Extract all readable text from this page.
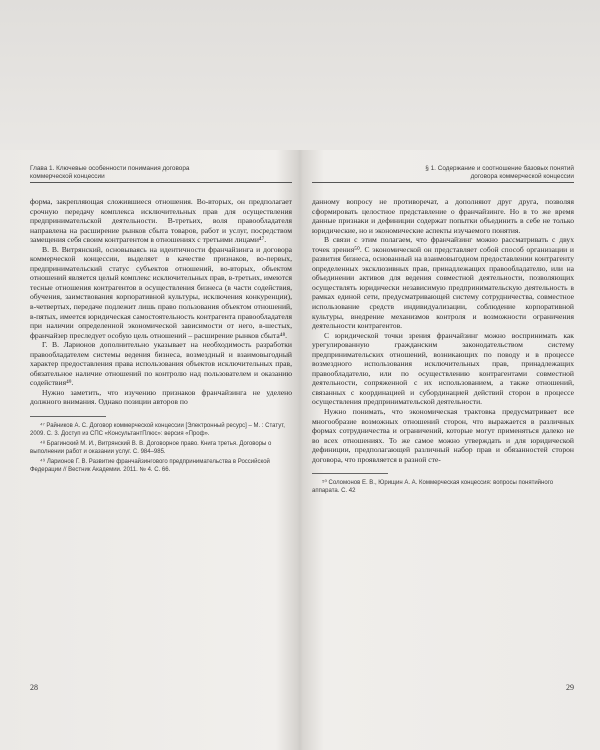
Глава 1. Ключевые особенности понимания договора
коммерческой концессии

форма, закрепляющая сложившиеся отношения. Во-вторых, он предполагает срочную передачу комплекса исключительных прав для осуществления предпринимательской деятельности. В-третьих, воля правообладателя направлена на расширение рынков сбыта товаров, работ и услуг, посредством замещения себя своим контрагентом в отношениях с третьими лицами⁴⁷.

В. В. Витрянский, основываясь на идентичности франчайзинга и договора коммерческой концессии, выделяет в качестве признаков, во-первых, предпринимательский статус субъектов отношений, во-вторых, объектом отношений является целый комплекс исключительных прав, в-третьих, имеются тесные отношения контрагентов в осуществления бизнеса (в части содействия, обучения, заимствования корпоративной культуры, исключения конкуренции), в-четвертых, передаче подлежит лишь право пользования объектом отношений, в-пятых, имеется юридическая самостоятельность контрагента правообладателя при наличии определенной экономической зависимости от него, в-шестых, франчайзер преследует особую цель отношений – расширение рынков сбыта⁴⁸.

Г. В. Ларионов дополнительно указывает на необходимость разработки правообладателем системы ведения бизнеса, возмездный и взаимовыгодный характер предоставления права использования объектов исключительных прав, обязательное наличие отношений по контролю над пользователем и оказанию содействия⁴⁹.

Нужно заметить, что изучению признаков франчайзинга не уделено должного внимания. Однако позиции авторов по

⁴⁷ Райников А. С. Договор коммерческой концессии [Электронный ресурс] – М. : Статут, 2009. С. 3. Доступ из СПС «КонсультантПлюс»: версия «Проф».

⁴⁸ Брагинский М. И., Витрянский В. В. Договорное право. Книга третья. Договоры о выполнении работ и оказании услуг. С. 984–985.

⁴⁹ Ларионов Г. В. Развитие франчайзингового предпринимательства в Российской Федерации // Вестник Академии. 2011. № 4. С. 66.

28
§ 1. Содержание и соотношение базовых понятий
договора коммерческой концессии

данному вопросу не противоречат, а дополняют друг друга, позволяя сформировать целостное представление о франчайзинге. Но в то же время данные признаки и дефиниции содержат попытки объединить в себе не только юридические, но и экономические аспекты изучаемого понятия.

В связи с этим полагаем, что франчайзинг можно рассматривать с двух точек зрения⁵⁰. С экономической он представляет собой способ организации и развития бизнеса, основанный на взаимовыгодном предоставлении контрагенту определенных эксклюзивных прав, принадлежащих правообладателю, или на объединении активов для ведения совместной деятельности, позволяющих осуществлять юридически независимую предпринимательскую деятельность в рамках единой сети, предусматривающей систему сотрудничества, совместное использование средств индивидуализации, соблюдение корпоративной культуры, внедрение механизмов контроля и возможности ограничения деятельности контрагентов.

С юридической точки зрения франчайзинг можно воспринимать как урегулированную гражданским законодательством систему предпринимательских отношений, возникающих по поводу и в процессе возмездного использования исключительных прав, принадлежащих правообладателю, или по осуществлению контрагентами совместной деятельности, сопряженной с их использованием, а также отношений, связанных с координацией и субординацией действий сторон в процессе осуществления предпринимательской деятельности.

Нужно понимать, что экономическая трактовка предусматривает все многообразие возможных отношений сторон, что выражается в различных формах сотрудничества и ограничений, которые могут применяться далеко не во всех отношениях. То же самое можно утверждать и для юридической дефиниции, предполагающей различный набор прав и обязанностей сторон договора, что проявляется в разной сте-

⁵⁰ Соломонов Е. В., Юрищин А. А. Коммерческая концессия: вопросы понятийного аппарата. С. 42

29
